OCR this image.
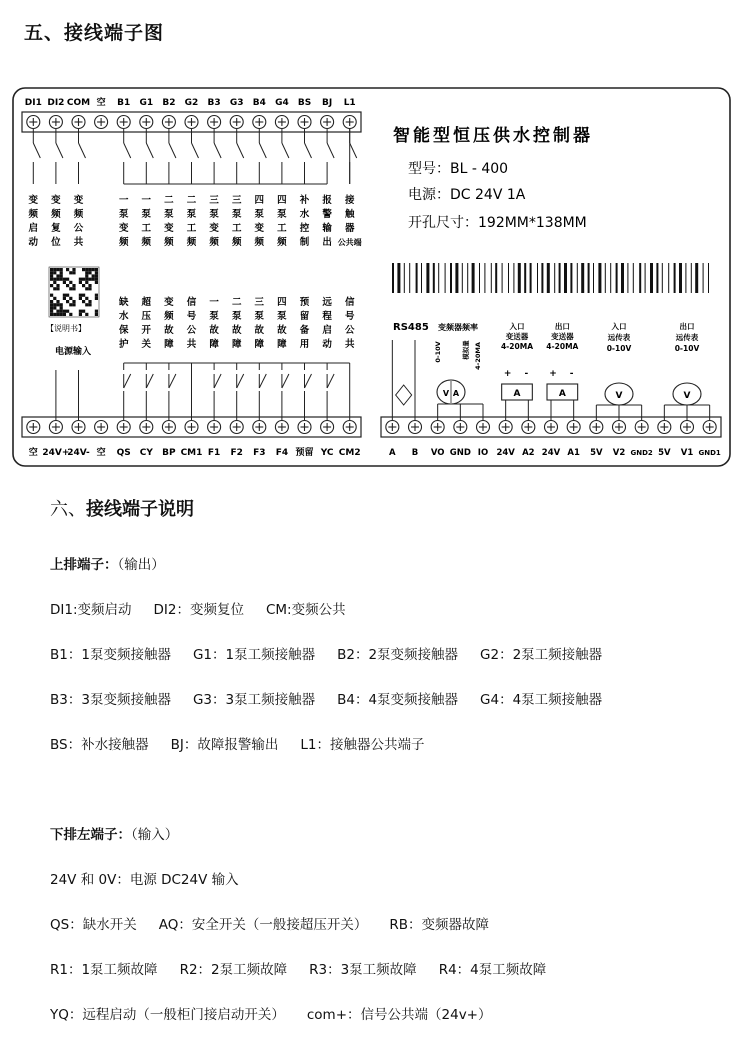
五、接线端子图
DI1 DI2 COM 空 B1 G1 B2 G2 B3 G3 B4 G4 BS BJ L1
变
频
启
动
变
频
复
位
变
频
公
共
一
泵
变
频
一
泵
工
频
二
泵
变
频
二
泵
工
频
三
泵
变
频
三
泵
工
频
四
泵
变
频
四
泵
工
频
补
水
控
制
报
警
输
出
接
触
器
公共端
空 24V+
24V- 空 QS CY BP CM1 F1 F2 F3 F4 预留 YC CM2
缺
水
保
护
超
压
开
关
变
频
故
障
信
号
公
共
一
泵
故
障
二
泵
故
障
三
泵
故
障
四
泵
故
障
预
留
备
用
远
程
启
动
信
号
公
共
A B VO GND IO 24V A2 24V A1 5V V2 GND2 5V V1 GND1
智能型恒压供水控制器
型号：BL - 400
电源：DC 24V 1A
开孔尺寸：192MM*138MM
【说明书】
电源输入
RS485 变频器频率
0-10V	模拟量 4-20MA
V A
入口
变送器
4-20MA
+ -
A
出口
变送器
4-20MA
+ -
A
入口
远传表
0-10V
V
出口
远传表
0-10V
V
六、接线端子说明
上排端子：（输出）
DI1:变频启动 DI2：变频复位 CM:变频公共
B1：1泵变频接触器 G1：1泵工频接触器 B2：2泵变频接触器 G2：2泵工频接触器
B3：3泵变频接触器 G3：3泵工频接触器 B4：4泵变频接触器 G4：4泵工频接触器
BS：补水接触器 BJ：故障报警输出 L1：接触器公共端子
下排左端子：（输入）
24V 和 0V：电源 DC24V 输入
QS：缺水开关 AQ：安全开关（一般接超压开关） RB：变频器故障
R1：1泵工频故障 R2：2泵工频故障 R3：3泵工频故障 R4：4泵工频故障
YQ：远程启动（一般柜门接启动开关） com+：信号公共端（24v+）
